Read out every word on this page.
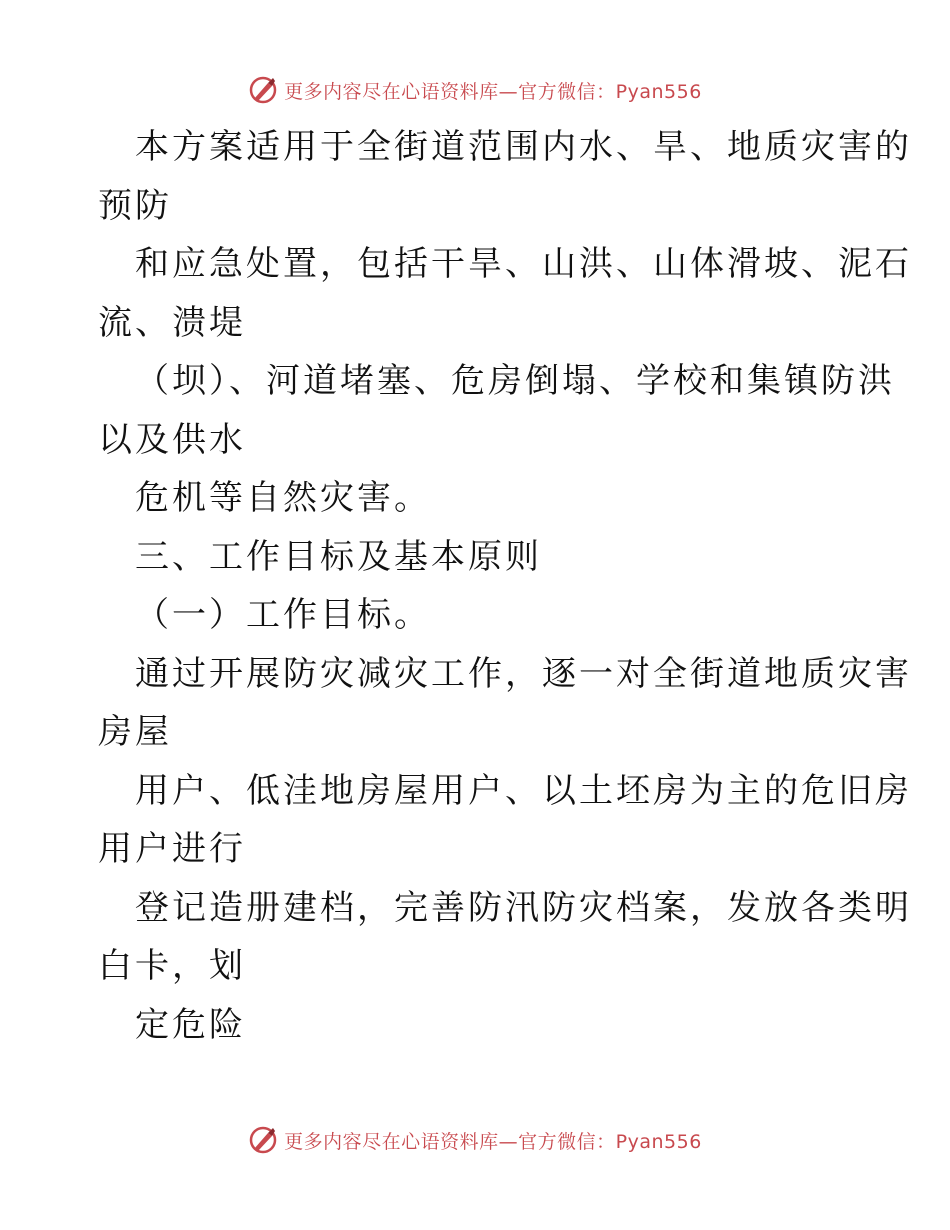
更多内容尽在心语资料库—官方微信：Pyan556

本方案适用于全街道范围内水、旱、地质灾害的

预防

和应急处置，包括干旱、山洪、山体滑坡、泥石

流、溃堤

（坝）、河道堵塞、危房倒塌、学校和集镇防洪

以及供水

危机等自然灾害。

三、工作目标及基本原则

（一）工作目标。

通过开展防灾减灾工作，逐一对全街道地质灾害

房屋

用户、低洼地房屋用户、以土坯房为主的危旧房

用户进行

登记造册建档，完善防汛防灾档案，发放各类明

白卡，划

定危险

更多内容尽在心语资料库—官方微信：Pyan556
